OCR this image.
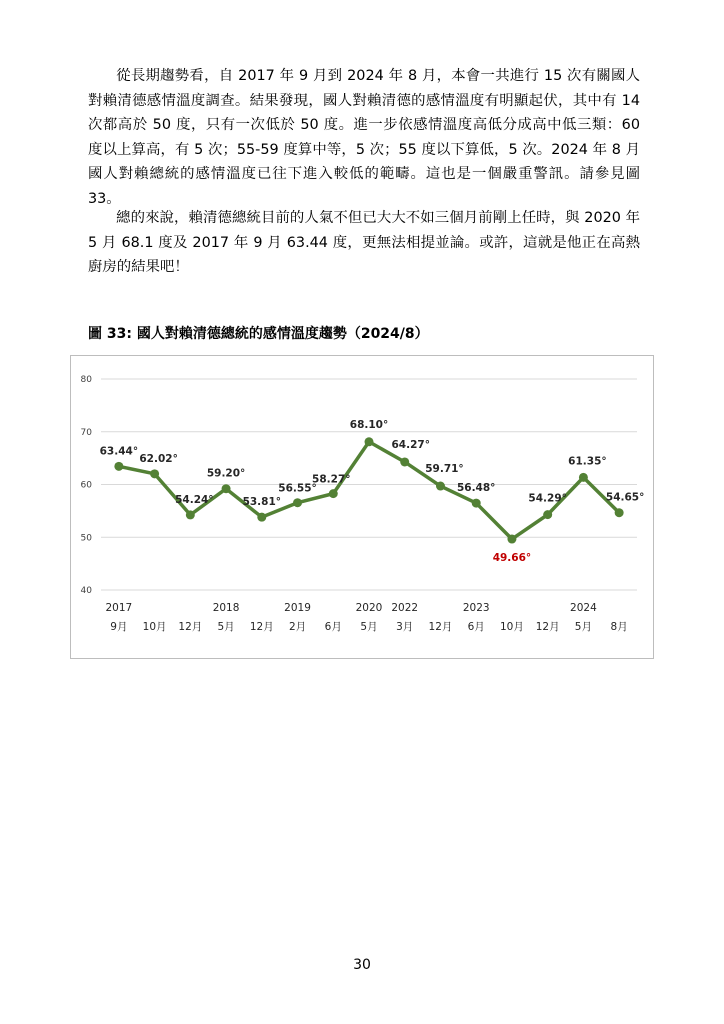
從長期趨勢看，自 2017 年 9 月到 2024 年 8 月，本會一共進行 15 次有關國人對賴清德感情溫度調查。結果發現，國人對賴清德的感情溫度有明顯起伏，其中有 14 次都高於 50 度，只有一次低於 50 度。進一步依感情溫度高低分成高中低三類：60 度以上算高，有 5 次；55-59 度算中等，5 次；55 度以下算低，5 次。2024 年 8 月國人對賴總統的感情溫度已往下進入較低的範疇。這也是一個嚴重警訊。請參見圖 33。

總的來說，賴清德總統目前的人氣不但已大大不如三個月前剛上任時，與 2020 年 5 月 68.1 度及 2017 年 9 月 63.44 度，更無法相提並論。或許，這就是他正在高熱廚房的結果吧！

圖 33: 國人對賴清德總統的感情溫度趨勢（2024/8）

40
50
60
70
80
63.44°
62.02°
54.24°
59.20°
53.81°
56.55°
58.27°
68.10°
64.27°
59.71°
56.48°
49.66°
54.29°
61.35°
54.65°
2017	2018	2019	2020 2022	2023	2024
9月 10月 12月 5月 12月 2月 6月 5月 3月 12月 6月 10月 12月 5月 8月

30
